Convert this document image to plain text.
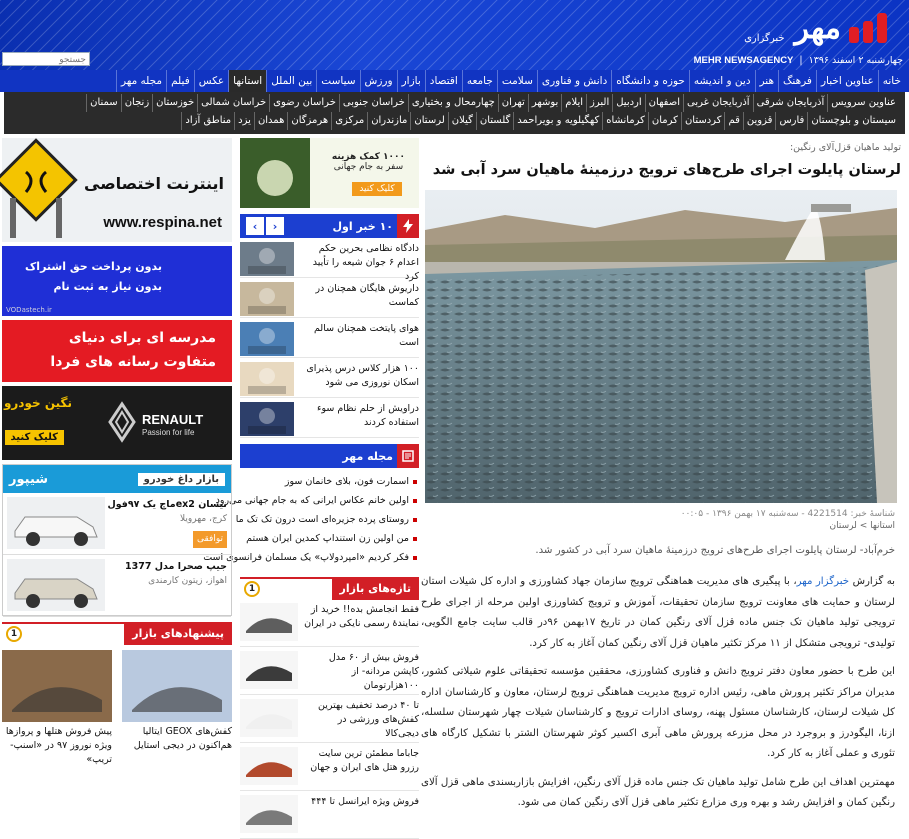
مهر
خبرگزاری
چهارشنبه ۲ اسفند ۱۳۹۶
|
MEHR NEWSAGENCY
جستجو
خانه
عناوین اخبار
فرهنگ
هنر
دین و اندیشه
حوزه و دانشگاه
دانش و فناوری
سلامت
جامعه
اقتصاد
بازار
ورزش
سیاست
بین الملل
استانها
عکس
فیلم
مجله مهر
عناوین سرویس
آذربایجان شرقی
آذربایجان غربی
اصفهان
اردبیل
البرز
ایلام
بوشهر
تهران
چهارمحال و بختیاری
خراسان جنوبی
خراسان رضوی
خراسان شمالی
خوزستان
زنجان
سمنان
سیستان و بلوچستان
فارس
قزوین
قم
کردستان
کرمان
کرمانشاه
کهگیلویه و بویراحمد
گلستان
گیلان
لرستان
مازندران
مرکزی
هرمزگان
همدان
یزد
مناطق آزاد
تولید ماهیان قزل‌آلای رنگین:
لرستان پایلوت اجرای طرح‌های ترویج درزمینهٔ ماهیان سرد آبی شد
شناسهٔ خبر: 4221514 - سه‌شنبه ۱۷ بهمن ۱۳۹۶ - ۰۰:۰۵
استانها > لرستان
خرم‌آباد- لرستان پایلوت اجرای طرح‌های ترویج درزمینهٔ ماهیان سرد آبی در کشور شد.

به گزارش خبرگزار مهر، با پیگیری های مدیریت هماهنگی ترویج سازمان جهاد کشاورزی و اداره کل شیلات استان لرستان و حمایت های معاونت ترویج سازمان تحقیقات، آموزش و ترویج کشاورزی اولین مرحله از اجرای طرح ترویجی تولید ماهیان تک جنس ماده قزل آلای رنگین کمان در تاریخ ۱۷بهمن ۹۶در قالب سایت جامع الگویی، تولیدی- ترویجی متشکل از ۱۱ مرکز تکثیر ماهیان قزل آلای رنگین کمان آغاز به کار کرد.

این طرح با حضور معاون دفتر ترویج دانش و فناوری کشاورزی، محققین مؤسسه تحقیقاتی علوم شیلاتی کشور، مدیران مراکز تکثیر پرورش ماهی، رئیس اداره ترویج مدیریت هماهنگی ترویج لرستان، معاون و کارشناسان اداره کل شیلات لرستان، کارشناسان مسئول پهنه، روسای ادارات ترویج و کارشناسان شیلات چهار شهرستان سلسله، ازنا، الیگودرز و بروجرد در محل مزرعه پرورش ماهی آبری اکسیر کوثر شهرستان الشتر با تشکیل کارگاه های تئوری و عملی آغاز به کار کرد.

مهمترین اهداف این طرح شامل تولید ماهیان تک جنس ماده قزل آلای رنگین، افزایش بازاربسندی ماهی قزل آلای رنگین کمان و افزایش رشد و بهره وری مزارع تکثیر ماهی قزل آلای رنگین کمان می شود.

۱۰۰۰ کمک هزینه
سفر به جام جهانی
کلیک کنید
۱۰ خبر اول
‹	›
دادگاه نظامی بحرین حکم اعدام ۶ جوان شیعه را تأیید کرد
داریوش هایگان همچنان در کماست
هوای پایتخت همچنان سالم است
۱۰۰ هزار کلاس درس پذیرای اسکان نوروزی می شود
دراویش از حلم نظام سوء استفاده کردند
مجله مهر
اسمارت فون، بلای خانمان سوز
اولین خانم عکاس ایرانی که به جام جهانی می‌رود
روستای پرده جزیره‌ای است درون تک تک ما
من اولین زن استنداپ کمدین ایران هستم
فکر کردیم «امپردولاپ» یک مسلمان فرانسوی است
تازه‌های بازار
1
فقط انجامش بده!! خرید از نمایندهٔ رسمی نایکی در ایران
فروش بیش از ۶۰ مدل کاپشن مردانه- از ۱۰۰هزارتومان
تا ۴۰ درصد تخفیف بهترین کفش‌های ورزشی در دیجی‌کالا
جاباما مطمئن ترین سایت رزرو هتل های ایران و جهان
فروش ویژه ایرانسل تا ۴۴۴
اینترنت اختصاصی
www.respina.net
بدون پرداخت حق اشتراک
بدون نیاز به ثبت نام
VODastech.ir
مدرسه ای برای دنیای
متفاوت رسانه های فردا
RENAULT
Passion for life
نگین خودرو
کلیک کنید
بازار داغ خودرو
شیپور
نیسان ex2ماچ یک ۹۷فول
کرج، مهرویلا
توافقی
جیپ صحرا مدل 1377
اهواز، زیتون کارمندی
پیشنهادهای بازار
1
کفش‌های GEOX ایتالیا هم‌اکنون در دیجی استایل
پیش فروش هتلها و پروازها ویژه نوروز ۹۷ در «اسنپ-تریپ»
